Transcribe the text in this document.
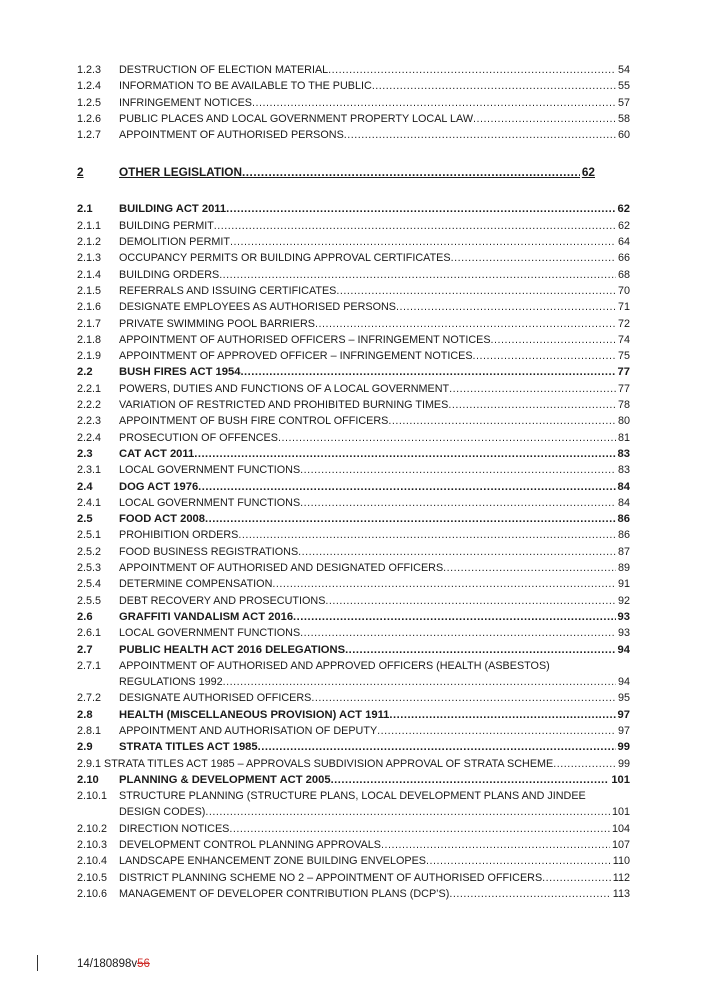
1.2.3 DESTRUCTION OF ELECTION MATERIAL .....	54
1.2.4 INFORMATION TO BE AVAILABLE TO THE PUBLIC .....	55
1.2.5 INFRINGEMENT NOTICES .....	57
1.2.6 PUBLIC PLACES AND LOCAL GOVERNMENT PROPERTY LOCAL LAW .....	58
1.2.7 APPOINTMENT OF AUTHORISED PERSONS .....	60
2	OTHER LEGISLATION .....	62
2.1 BUILDING ACT 2011 .....	62
2.1.1 BUILDING PERMIT .....	62
2.1.2 DEMOLITION PERMIT .....	64
2.1.3 OCCUPANCY PERMITS OR BUILDING APPROVAL CERTIFICATES .....	66
2.1.4 BUILDING ORDERS .....	68
2.1.5 REFERRALS AND ISSUING CERTIFICATES .....	70
2.1.6 DESIGNATE EMPLOYEES AS AUTHORISED PERSONS .....	71
2.1.7 PRIVATE SWIMMING POOL BARRIERS .....	72
2.1.8 APPOINTMENT OF AUTHORISED OFFICERS – INFRINGEMENT NOTICES .....	74
2.1.9 APPOINTMENT OF APPROVED OFFICER – INFRINGEMENT NOTICES .....	75
2.2 BUSH FIRES ACT 1954 .....	77
2.2.1 POWERS, DUTIES AND FUNCTIONS OF A LOCAL GOVERNMENT .....	77
2.2.2 VARIATION OF RESTRICTED AND PROHIBITED BURNING TIMES .....	78
2.2.3 APPOINTMENT OF BUSH FIRE CONTROL OFFICERS .....	80
2.2.4 PROSECUTION OF OFFENCES .....	81
2.3 CAT ACT 2011 .....	83
2.3.1 LOCAL GOVERNMENT FUNCTIONS .....	83
2.4 DOG ACT 1976 .....	84
2.4.1 LOCAL GOVERNMENT FUNCTIONS .....	84
2.5 FOOD ACT 2008 .....	86
2.5.1 PROHIBITION ORDERS .....	86
2.5.2 FOOD BUSINESS REGISTRATIONS .....	87
2.5.3 APPOINTMENT OF AUTHORISED AND DESIGNATED OFFICERS .....	89
2.5.4 DETERMINE COMPENSATION .....	91
2.5.5 DEBT RECOVERY AND PROSECUTIONS .....	92
2.6 GRAFFITI VANDALISM ACT 2016 .....	93
2.6.1 LOCAL GOVERNMENT FUNCTIONS .....	93
2.7 PUBLIC HEALTH ACT 2016 DELEGATIONS .....	94
2.7.1 APPOINTMENT OF AUTHORISED AND APPROVED OFFICERS (HEALTH (ASBESTOS)
REGULATIONS 1992 .....	94
2.7.2 DESIGNATE AUTHORISED OFFICERS .....	95
2.8 HEALTH (MISCELLANEOUS PROVISION) ACT 1911 .....	97
2.8.1 APPOINTMENT AND AUTHORISATION OF DEPUTY .....	97
2.9 STRATA TITLES ACT 1985 .....	99
2.9.1 STRATA TITLES ACT 1985 – APPROVALS SUBDIVISION APPROVAL OF STRATA SCHEME .....	99
2.10 PLANNING & DEVELOPMENT ACT 2005 .....	101
2.10.1 STRUCTURE PLANNING (STRUCTURE PLANS, LOCAL DEVELOPMENT PLANS AND JINDEE
DESIGN CODES) .....	101
2.10.2 DIRECTION NOTICES .....	104
2.10.3 DEVELOPMENT CONTROL PLANNING APPROVALS .....	107
2.10.4 LANDSCAPE ENHANCEMENT ZONE BUILDING ENVELOPES .....	110
2.10.5 DISTRICT PLANNING SCHEME NO 2 – APPOINTMENT OF AUTHORISED OFFICERS .....	112
2.10.6 MANAGEMENT OF DEVELOPER CONTRIBUTION PLANS (DCP’S) .....	113
14/180898v56
